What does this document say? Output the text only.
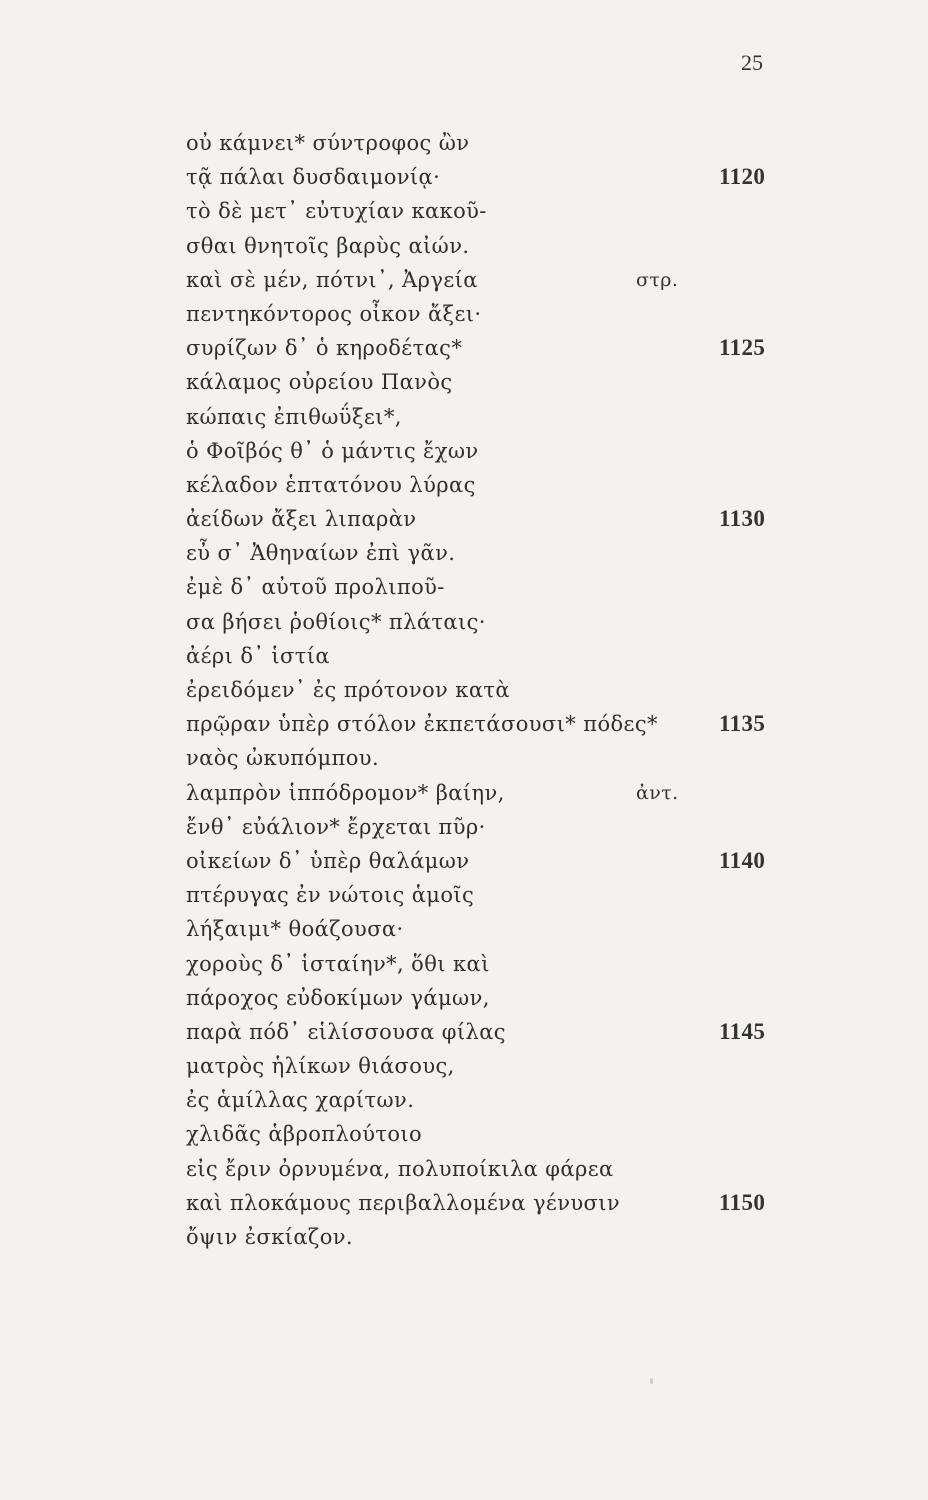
25
οὐ κάμνει* σύντροφος ὢν
τᾷ πάλαι δυσδαιμονίᾳ·	1120
τὸ δὲ μετ᾽ εὐτυχίαν κακοῦ-
σθαι θνητοῖς βαρὺς αἰών.
καὶ σὲ μέν, πότνι᾽, Ἀργεία	στρ.
πεντηκόντορος οἶκον ἄξει·
συρίζων δ᾽ ὁ κηροδέτας*	1125
κάλαμος οὐρείου Πανὸς
κώπαις ἐπιθωΰξει*,
ὁ Φοῖβός θ᾽ ὁ μάντις ἔχων
κέλαδον ἑπτατόνου λύρας
ἀείδων ἄξει λιπαρὰν	1130
εὖ σ᾽ Ἀθηναίων ἐπὶ γᾶν.
ἐμὲ δ᾽ αὐτοῦ προλιποῦ-
σα βήσει ῥοθίοις* πλάταις·
ἀέρι δ᾽ ἱστία
ἐρειδόμεν᾽ ἐς πρότονον κατὰ
πρῷραν ὑπὲρ στόλον ἐκπετάσουσι* πόδες*	1135
ναὸς ὠκυπόμπου.
λαμπρὸν ἱππόδρομον* βαίην,	ἀντ.
ἔνθ᾽ εὐάλιον* ἔρχεται πῦρ·
οἰκείων δ᾽ ὑπὲρ θαλάμων	1140
πτέρυγας ἐν νώτοις ἁμοῖς
λήξαιμι* θοάζουσα·
χοροὺς δ᾽ ἱσταίην*, ὅθι καὶ
πάροχος εὐδοκίμων γάμων,
παρὰ πόδ᾽ εἱλίσσουσα φίλας	1145
ματρὸς ἡλίκων θιάσους,
ἐς ἁμίλλας χαρίτων.
χλιδᾶς ἁβροπλούτοιο
εἰς ἔριν ὀρνυμένα, πολυποίκιλα φάρεα
καὶ πλοκάμους περιβαλλομένα γένυσιν	1150
ὄψιν ἐσκίαζον.
